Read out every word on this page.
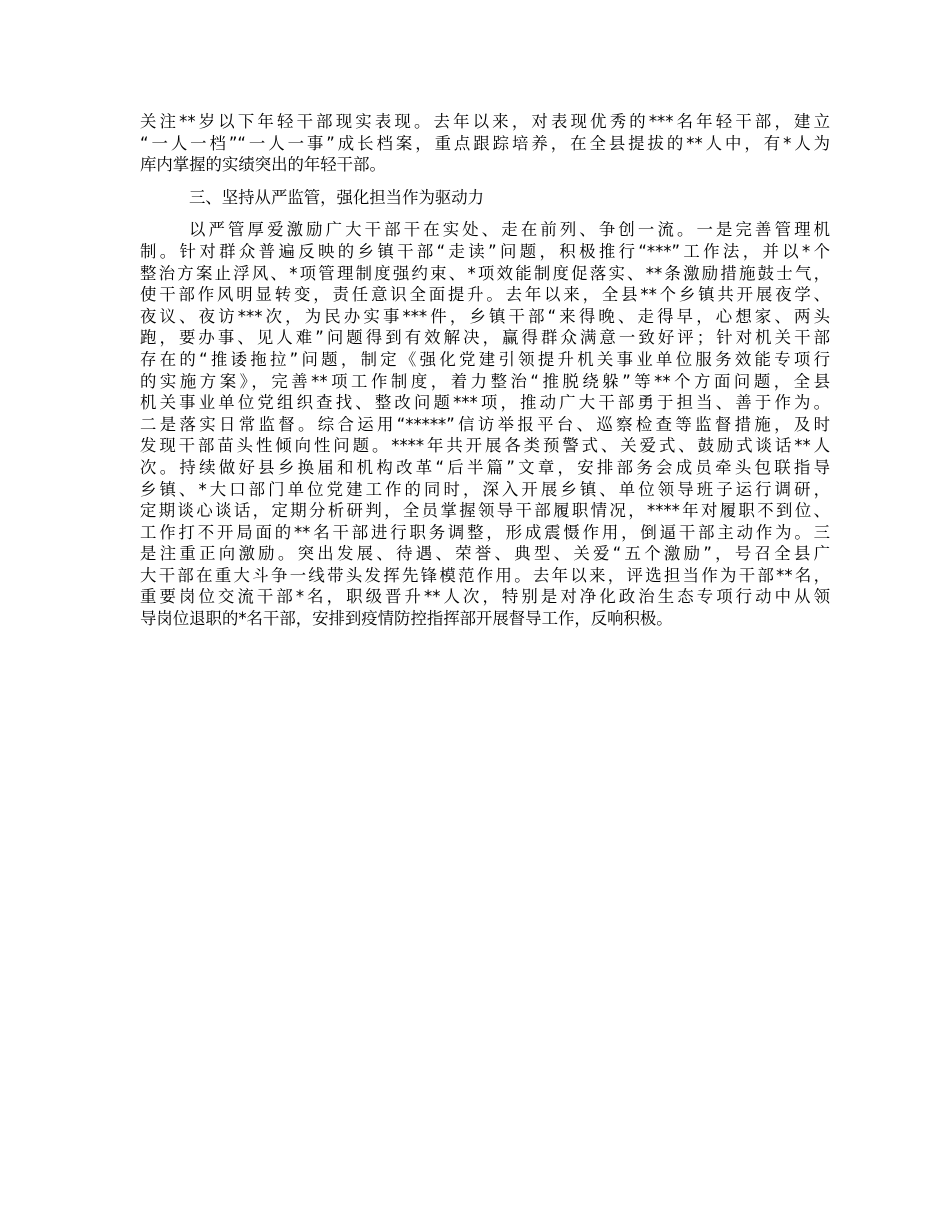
关注**岁以下年轻干部现实表现。去年以来，对表现优秀的***名年轻干部，建立
“一人一档”“一人一事”成长档案，重点跟踪培养，在全县提拔的**人中，有*人为
库内掌握的实绩突出的年轻干部。
三、坚持从严监管，强化担当作为驱动力
以严管厚爱激励广大干部干在实处、走在前列、争创一流。一是完善管理机
制。针对群众普遍反映的乡镇干部“走读”问题，积极推行“***”工作法，并以*个
整治方案止浮风、*项管理制度强约束、*项效能制度促落实、**条激励措施鼓士气，
使干部作风明显转变，责任意识全面提升。去年以来，全县**个乡镇共开展夜学、
夜议、夜访***次，为民办实事***件，乡镇干部“来得晚、走得早，心想家、两头
跑，要办事、见人难”问题得到有效解决，赢得群众满意一致好评；针对机关干部
存在的“推诿拖拉”问题，制定《强化党建引领提升机关事业单位服务效能专项行
的实施方案》，完善**项工作制度，着力整治“推脱绕躲”等**个方面问题，全县
机关事业单位党组织查找、整改问题***项，推动广大干部勇于担当、善于作为。
二是落实日常监督。综合运用“*****”信访举报平台、巡察检查等监督措施，及时
发现干部苗头性倾向性问题。****年共开展各类预警式、关爱式、鼓励式谈话**人
次。持续做好县乡换届和机构改革“后半篇”文章，安排部务会成员牵头包联指导
乡镇、*大口部门单位党建工作的同时，深入开展乡镇、单位领导班子运行调研，
定期谈心谈话，定期分析研判，全员掌握领导干部履职情况，****年对履职不到位、
工作打不开局面的**名干部进行职务调整，形成震慑作用，倒逼干部主动作为。三
是注重正向激励。突出发展、待遇、荣誉、典型、关爱“五个激励”，号召全县广
大干部在重大斗争一线带头发挥先锋模范作用。去年以来，评选担当作为干部**名，
重要岗位交流干部*名，职级晋升**人次，特别是对净化政治生态专项行动中从领
导岗位退职的*名干部，安排到疫情防控指挥部开展督导工作，反响积极。
